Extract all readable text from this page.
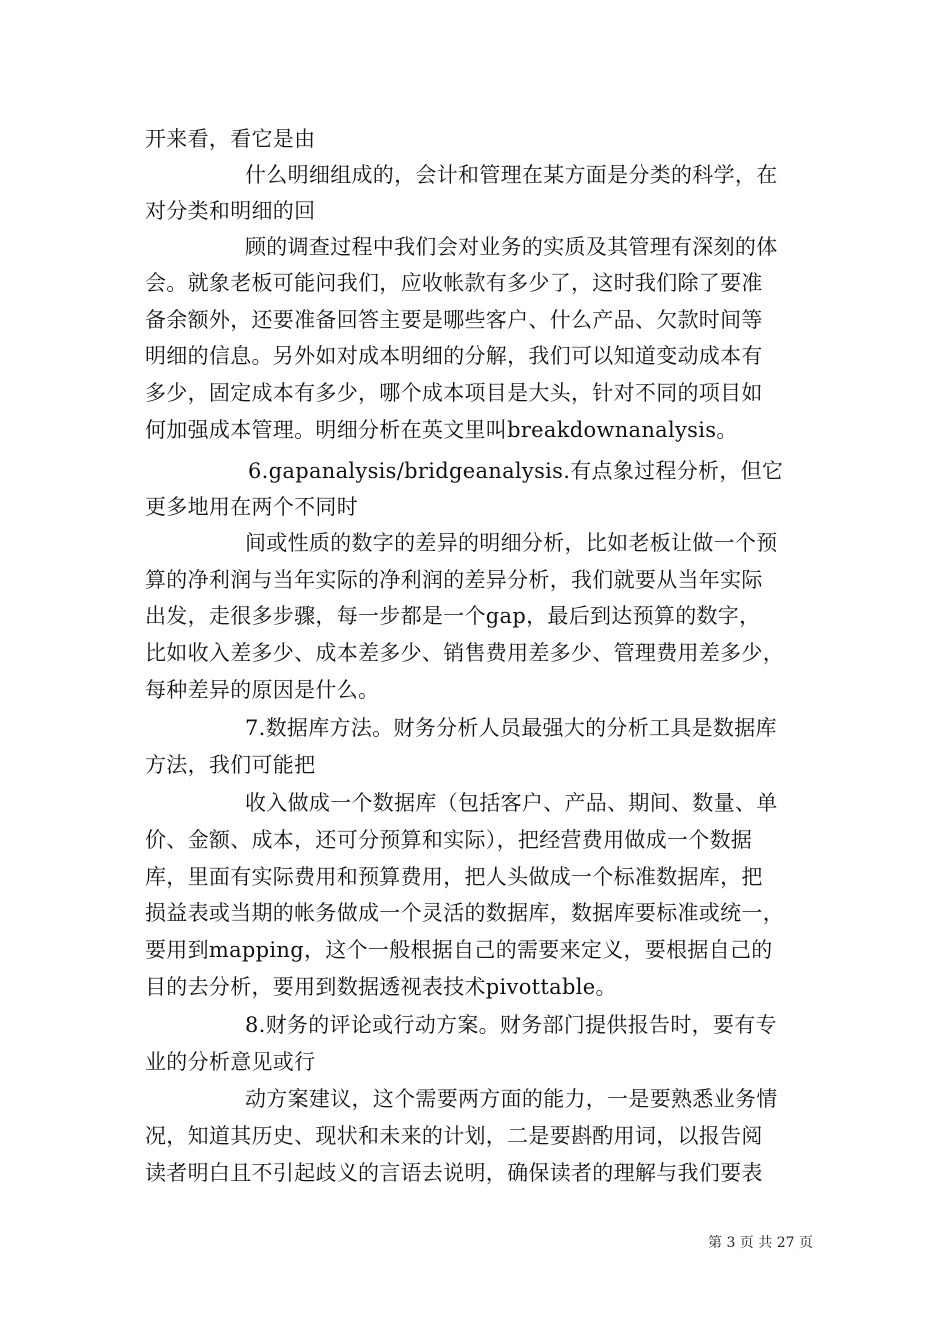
开来看，看它是由
什么明细组成的，会计和管理在某方面是分类的科学，在
对分类和明细的回
顾的调查过程中我们会对业务的实质及其管理有深刻的体
会。就象老板可能问我们，应收帐款有多少了，这时我们除了要准
备余额外，还要准备回答主要是哪些客户、什么产品、欠款时间等
明细的信息。另外如对成本明细的分解，我们可以知道变动成本有
多少，固定成本有多少，哪个成本项目是大头，针对不同的项目如
何加强成本管理。明细分析在英文里叫breakdownanalysis。
6.gapanalysis/bridgeanalysis.有点象过程分析，但它
更多地用在两个不同时
间或性质的数字的差异的明细分析，比如老板让做一个预
算的净利润与当年实际的净利润的差异分析，我们就要从当年实际
出发，走很多步骤，每一步都是一个gap，最后到达预算的数字，
比如收入差多少、成本差多少、销售费用差多少、管理费用差多少，
每种差异的原因是什么。
7.数据库方法。财务分析人员最强大的分析工具是数据库
方法，我们可能把
收入做成一个数据库（包括客户、产品、期间、数量、单
价、金额、成本，还可分预算和实际），把经营费用做成一个数据
库，里面有实际费用和预算费用，把人头做成一个标准数据库，把
损益表或当期的帐务做成一个灵活的数据库，数据库要标准或统一，
要用到mapping，这个一般根据自己的需要来定义，要根据自己的
目的去分析，要用到数据透视表技术pivottable。
8.财务的评论或行动方案。财务部门提供报告时，要有专
业的分析意见或行
动方案建议，这个需要两方面的能力，一是要熟悉业务情
况，知道其历史、现状和未来的计划，二是要斟酌用词，以报告阅
读者明白且不引起歧义的言语去说明，确保读者的理解与我们要表
第 3 页 共 27 页
